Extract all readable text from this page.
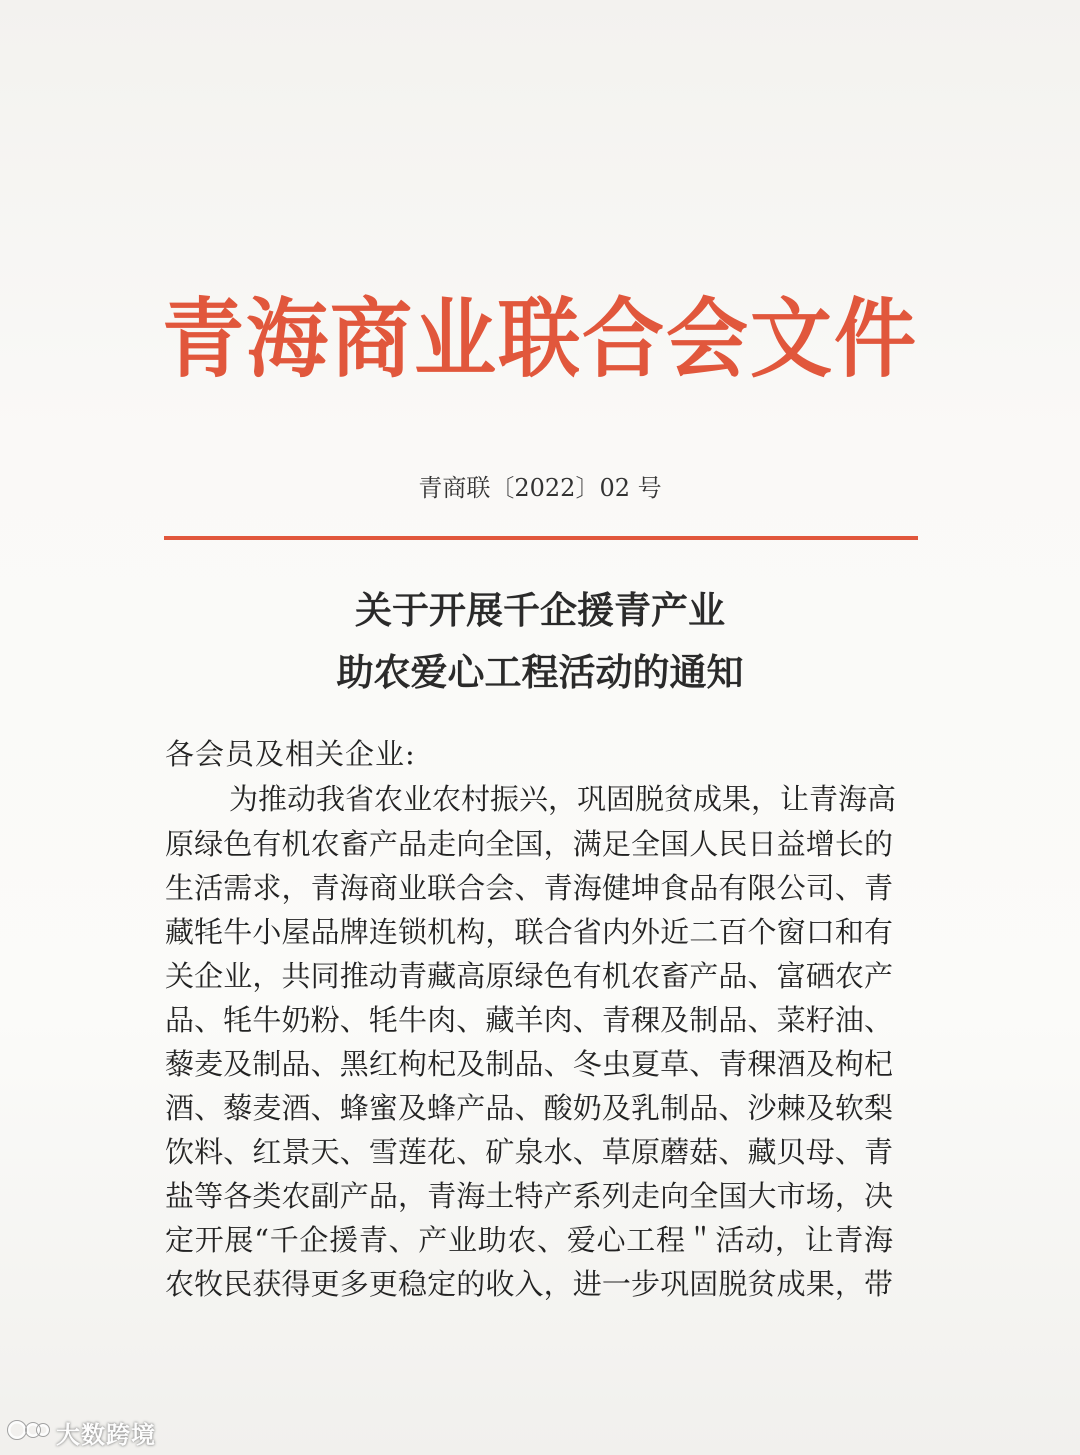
青海商业联合会文件
青商联〔2022〕02 号
关于开展千企援青产业
助农爱心工程活动的通知
各会员及相关企业:
为推动我省农业农村振兴，巩固脱贫成果，让青海高
原绿色有机农畜产品走向全国，满足全国人民日益增长的
生活需求，青海商业联合会、青海健坤食品有限公司、青
藏牦牛小屋品牌连锁机构，联合省内外近二百个窗口和有
关企业，共同推动青藏高原绿色有机农畜产品、富硒农产
品、牦牛奶粉、牦牛肉、藏羊肉、青稞及制品、菜籽油、
藜麦及制品、黑红枸杞及制品、冬虫夏草、青稞酒及枸杞
酒、藜麦酒、蜂蜜及蜂产品、酸奶及乳制品、沙棘及软梨
饮料、红景天、雪莲花、矿泉水、草原蘑菇、藏贝母、青
盐等各类农副产品，青海土特产系列走向全国大市场，决
定开展“千企援青、产业助农、爱心工程＂活动，让青海
农牧民获得更多更稳定的收入，进一步巩固脱贫成果，带
大数跨境
